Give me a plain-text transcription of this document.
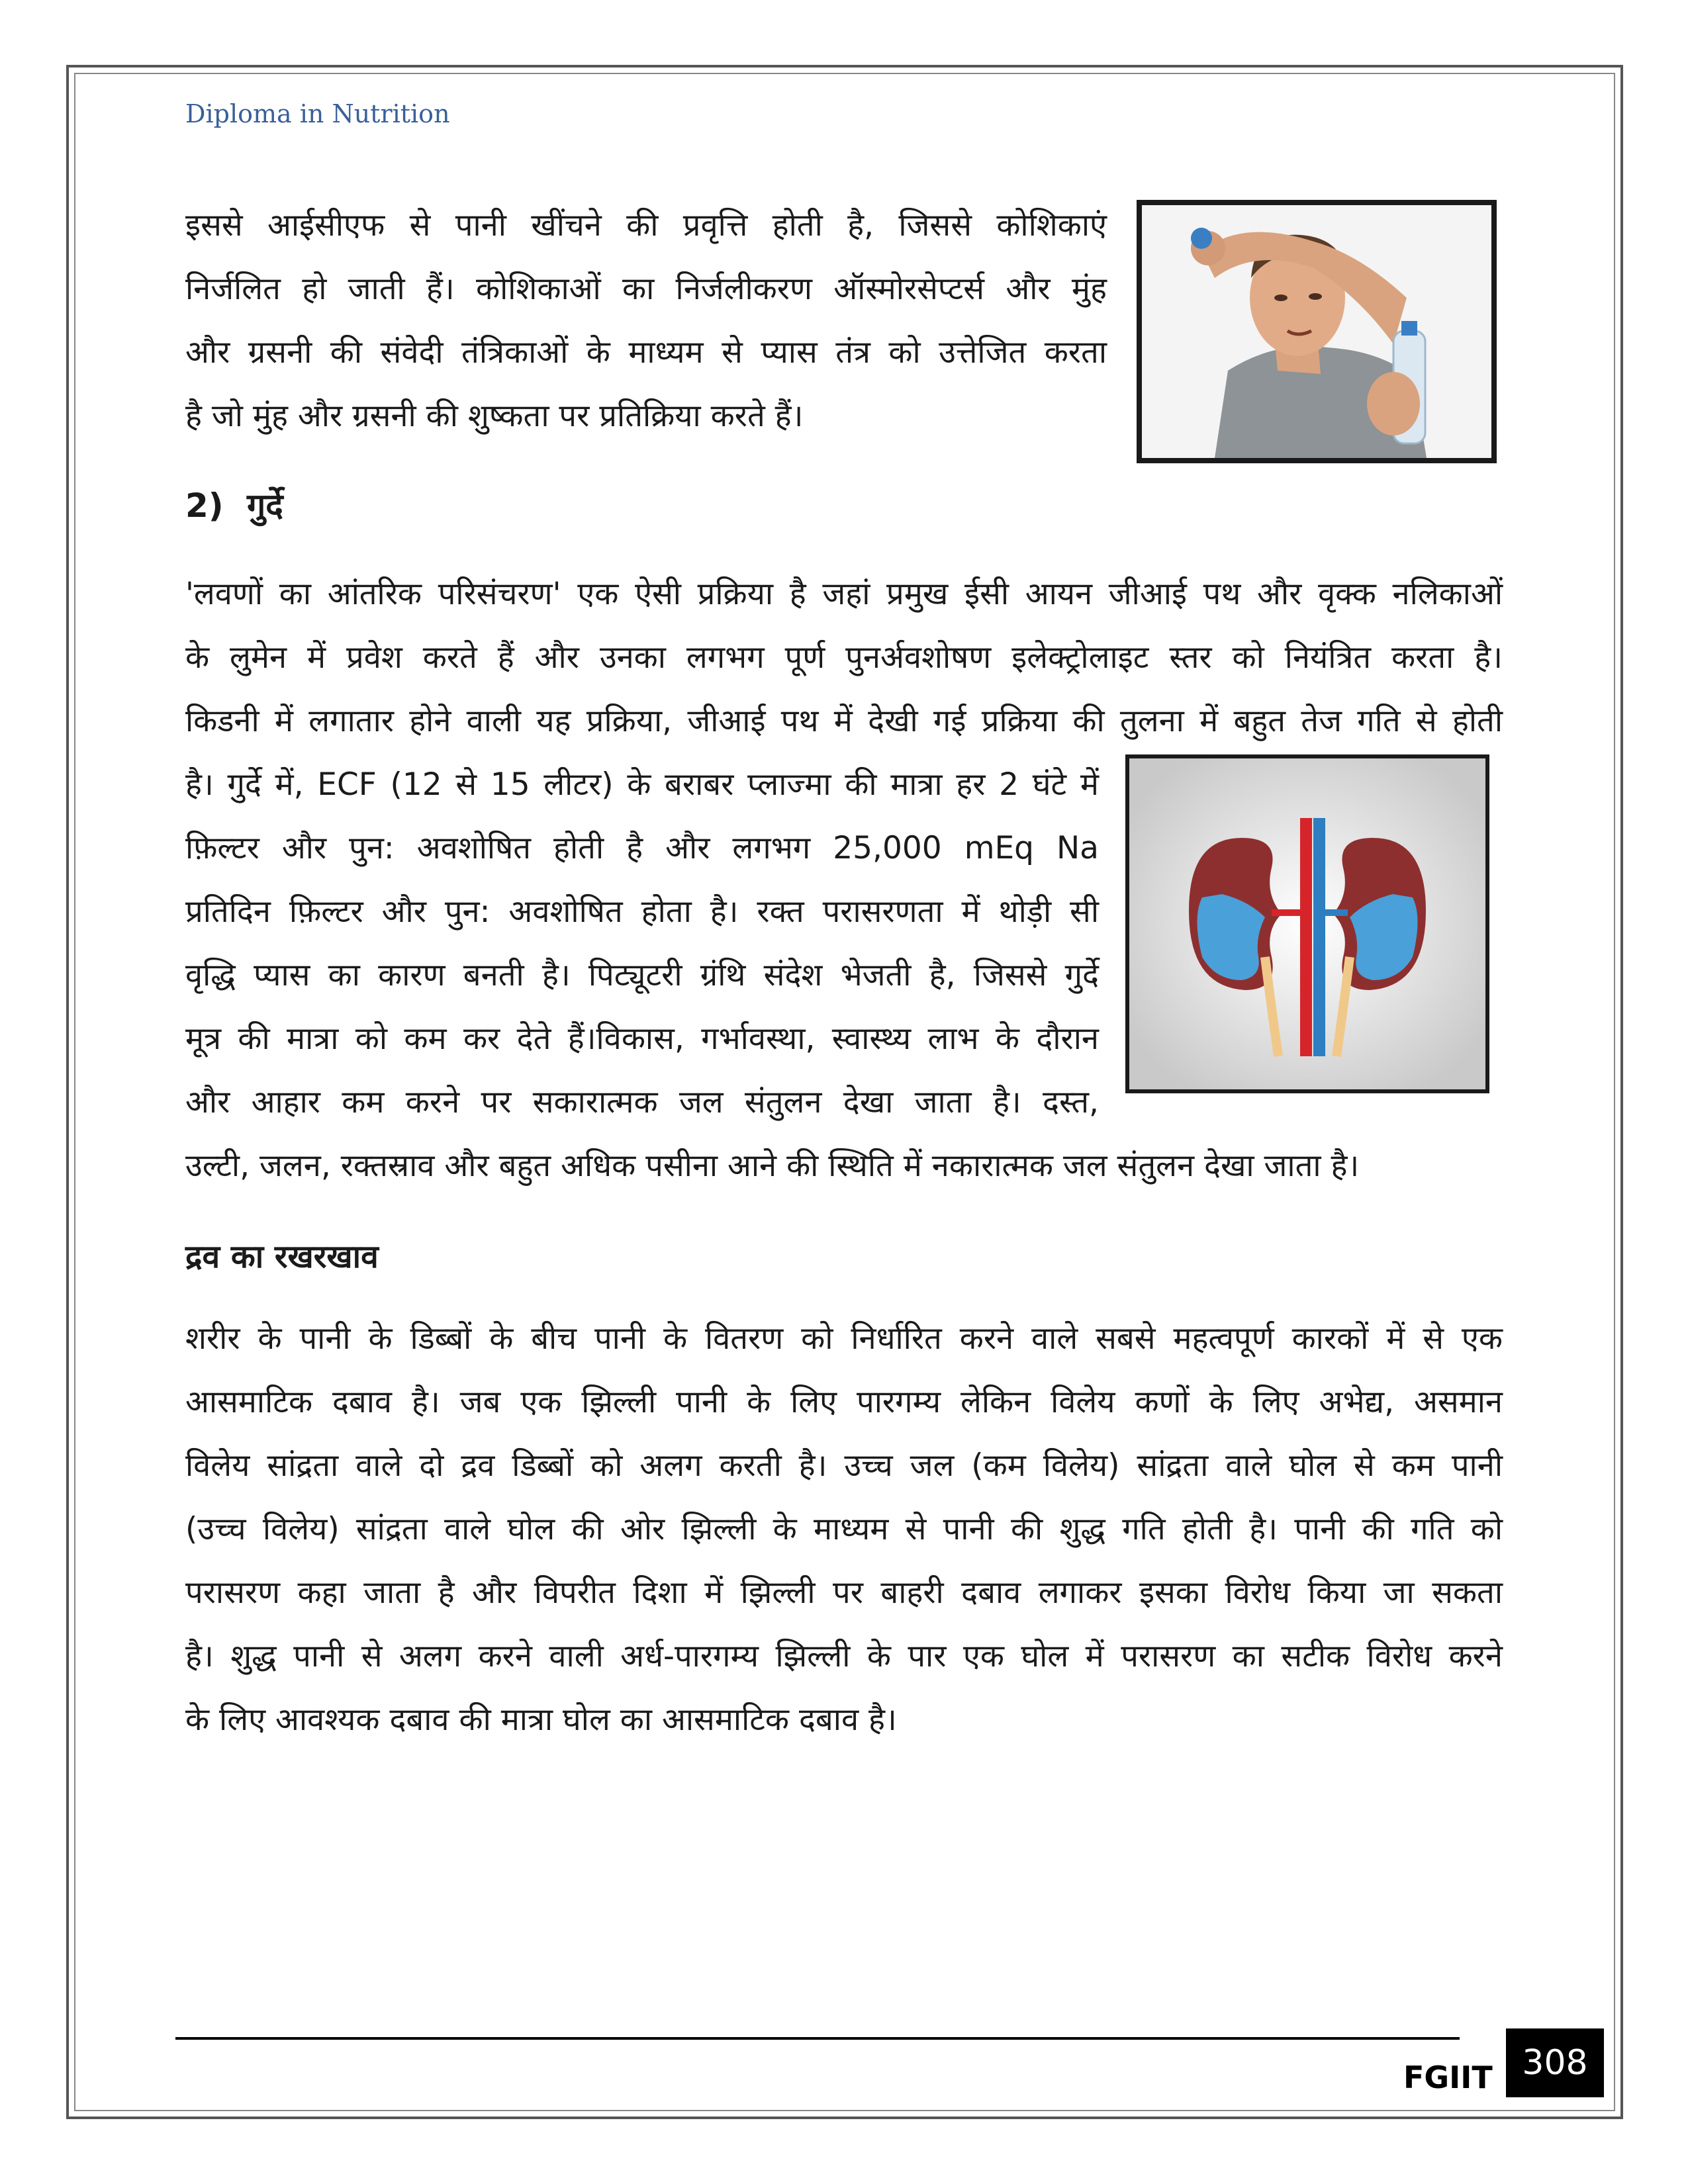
Diploma in Nutrition

इससे आईसीएफ से पानी खींचने की प्रवृत्ति होती है, जिससे कोशिकाएं

निर्जलित हो जाती हैं। कोशिकाओं का निर्जलीकरण ऑस्मोरसेप्टर्स और मुंह

और ग्रसनी की संवेदी तंत्रिकाओं के माध्यम से प्यास तंत्र को उत्तेजित करता

है जो मुंह और ग्रसनी की शुष्कता पर प्रतिक्रिया करते हैं।

2) गुर्दे

'लवणों का आंतरिक परिसंचरण' एक ऐसी प्रक्रिया है जहां प्रमुख ईसी आयन जीआई पथ और वृक्क नलिकाओं

के लुमेन में प्रवेश करते हैं और उनका लगभग पूर्ण पुनर्अवशोषण इलेक्ट्रोलाइट स्तर को नियंत्रित करता है।

किडनी में लगातार होने वाली यह प्रक्रिया, जीआई पथ में देखी गई प्रक्रिया की तुलना में बहुत तेज गति से होती

है। गुर्दे में, ECF (12 से 15 लीटर) के बराबर प्लाज्मा की मात्रा हर 2 घंटे में

फ़िल्टर और पुन: अवशोषित होती है और लगभग 25,000 mEq Na

प्रतिदिन फ़िल्टर और पुन: अवशोषित होता है। रक्त परासरणता में थोड़ी सी

वृद्धि प्यास का कारण बनती है। पिट्यूटरी ग्रंथि संदेश भेजती है, जिससे गुर्दे

मूत्र की मात्रा को कम कर देते हैं।विकास, गर्भावस्था, स्वास्थ्य लाभ के दौरान

और आहार कम करने पर सकारात्मक जल संतुलन देखा जाता है। दस्त,

उल्टी, जलन, रक्तस्राव और बहुत अधिक पसीना आने की स्थिति में नकारात्मक जल संतुलन देखा जाता है।

द्रव का रखरखाव

शरीर के पानी के डिब्बों के बीच पानी के वितरण को निर्धारित करने वाले सबसे महत्वपूर्ण कारकों में से एक

आसमाटिक दबाव है। जब एक झिल्ली पानी के लिए पारगम्य लेकिन विलेय कणों के लिए अभेद्य, असमान

विलेय सांद्रता वाले दो द्रव डिब्बों को अलग करती है। उच्च जल (कम विलेय) सांद्रता वाले घोल से कम पानी

(उच्च विलेय) सांद्रता वाले घोल की ओर झिल्ली के माध्यम से पानी की शुद्ध गति होती है। पानी की गति को

परासरण कहा जाता है और विपरीत दिशा में झिल्ली पर बाहरी दबाव लगाकर इसका विरोध किया जा सकता

है। शुद्ध पानी से अलग करने वाली अर्ध-पारगम्य झिल्ली के पार एक घोल में परासरण का सटीक विरोध करने

के लिए आवश्यक दबाव की मात्रा घोल का आसमाटिक दबाव है।

FGIIT 308
